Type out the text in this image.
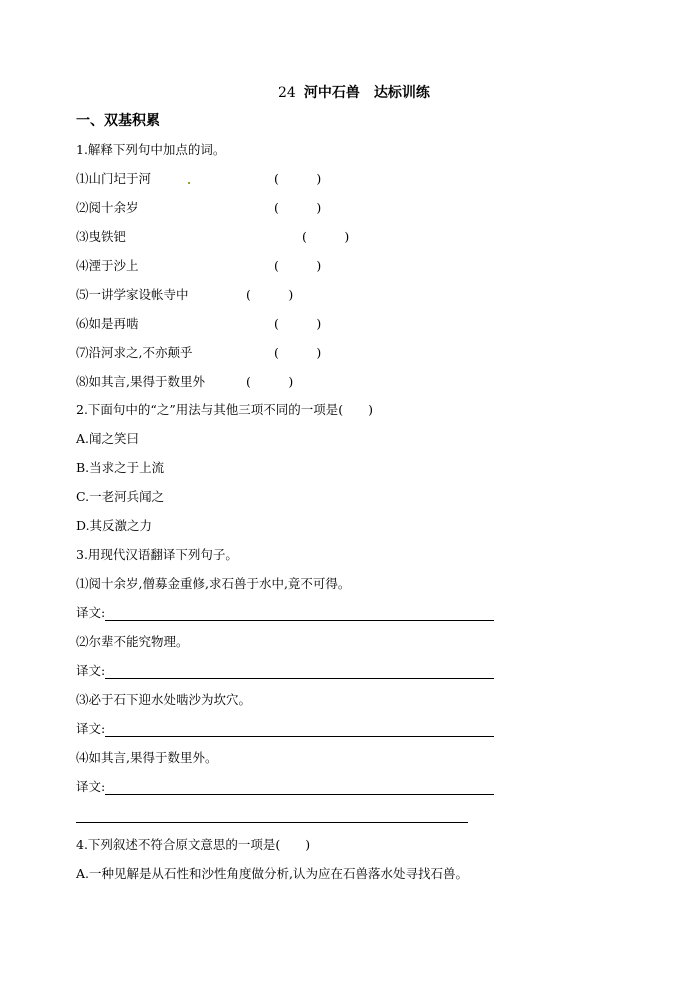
24 河中石兽　达标训练
一、双基积累
1.解释下列句中加点的词。
⑴山门圮于河	(　　　)
⑵阅十余岁	(　　　)
⑶曳铁钯	(　　　)
⑷湮于沙上	(　　　)
⑸一讲学家设帐寺中	(　　　)
⑹如是再啮	(　　　)
⑺沿河求之,不亦颠乎	(　　　)
⑻如其言,果得于数里外	(　　　)
2.下面句中的“之”用法与其他三项不同的一项是(　　)
A.闻之笑曰
B.当求之于上流
C.一老河兵闻之
D.其反激之力
3.用现代汉语翻译下列句子。
⑴阅十余岁,僧募金重修,求石兽于水中,竟不可得。
译文:
⑵尔辈不能究物理。
译文:
⑶必于石下迎水处啮沙为坎穴。
译文:
⑷如其言,果得于数里外。
译文:
4.下列叙述不符合原文意思的一项是(　　)
A.一种见解是从石性和沙性角度做分析,认为应在石兽落水处寻找石兽。
